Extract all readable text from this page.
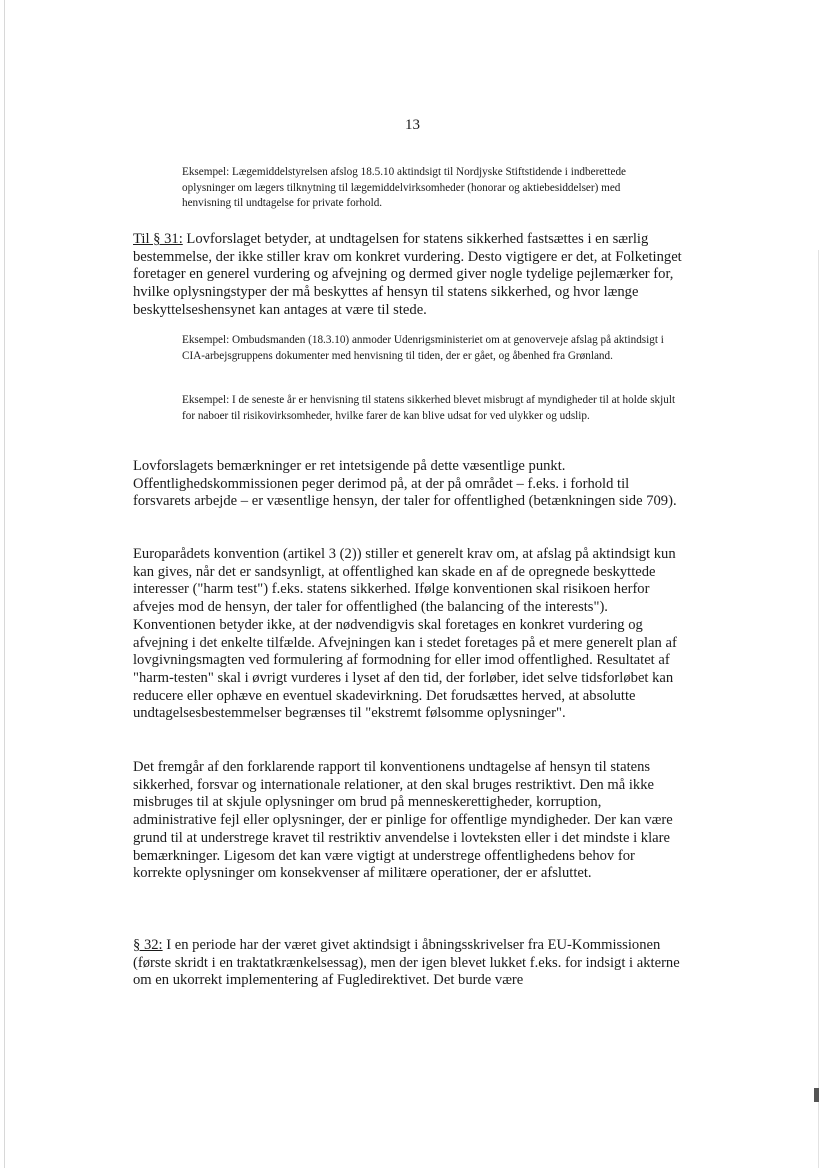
13

Eksempel: Lægemiddelstyrelsen afslog 18.5.10 aktindsigt til Nordjyske Stiftstidende i indberettede oplysninger om lægers tilknytning til lægemiddelvirksomheder (honorar og aktiebesiddelser) med henvisning til undtagelse for private forhold.

Til § 31: Lovforslaget betyder, at undtagelsen for statens sikkerhed fastsættes i en særlig bestemmelse, der ikke stiller krav om konkret vurdering. Desto vigtigere er det, at Folketinget foretager en generel vurdering og afvejning og dermed giver nogle tydelige pejlemærker for, hvilke oplysningstyper der må beskyttes af hensyn til statens sikkerhed, og hvor længe beskyttelseshensynet kan antages at være til stede.

Eksempel: Ombudsmanden (18.3.10) anmoder Udenrigsministeriet om at genoverveje afslag på aktindsigt i CIA-arbejsgruppens dokumenter med henvisning til tiden, der er gået, og åbenhed fra Grønland.

Eksempel: I de seneste år er henvisning til statens sikkerhed blevet misbrugt af myndigheder til at holde skjult for naboer til risikovirksomheder, hvilke farer de kan blive udsat for ved ulykker og udslip.

Lovforslagets bemærkninger er ret intetsigende på dette væsentlige punkt. Offentlighedskommissionen peger derimod på, at der på området – f.eks. i forhold til forsvarets arbejde – er væsentlige hensyn, der taler for offentlighed (betænkningen side 709).

Europarådets konvention (artikel 3 (2)) stiller et generelt krav om, at afslag på aktindsigt kun kan gives, når det er sandsynligt, at offentlighed kan skade en af de opregnede beskyttede interesser ("harm test") f.eks. statens sikkerhed. Ifølge konventionen skal risikoen herfor afvejes mod de hensyn, der taler for offentlighed (the balancing of the interests"). Konventionen betyder ikke, at der nødvendigvis skal foretages en konkret vurdering og afvejning i det enkelte tilfælde. Afvejningen kan i stedet foretages på et mere generelt plan af lovgivningsmagten ved formulering af formodning for eller imod offentlighed. Resultatet af "harm-testen" skal i øvrigt vurderes i lyset af den tid, der forløber, idet selve tidsforløbet kan reducere eller ophæve en eventuel skadevirkning. Det forudsættes herved, at absolutte undtagelsesbestemmelser begrænses til "ekstremt følsomme oplysninger".

Det fremgår af den forklarende rapport til konventionens undtagelse af hensyn til statens sikkerhed, forsvar og internationale relationer, at den skal bruges restriktivt. Den må ikke misbruges til at skjule oplysninger om brud på menneskerettigheder, korruption, administrative fejl eller oplysninger, der er pinlige for offentlige myndigheder. Der kan være grund til at understrege kravet til restriktiv anvendelse i lovteksten eller i det mindste i klare bemærkninger. Ligesom det kan være vigtigt at understrege offentlighedens behov for korrekte oplysninger om konsekvenser af militære operationer, der er afsluttet.

§ 32: I en periode har der været givet aktindsigt i åbningsskrivelser fra EU-Kommissionen (første skridt i en traktatkrænkelsessag), men der igen blevet lukket f.eks. for indsigt i akterne om en ukorrekt implementering af Fugledirektivet. Det burde være
